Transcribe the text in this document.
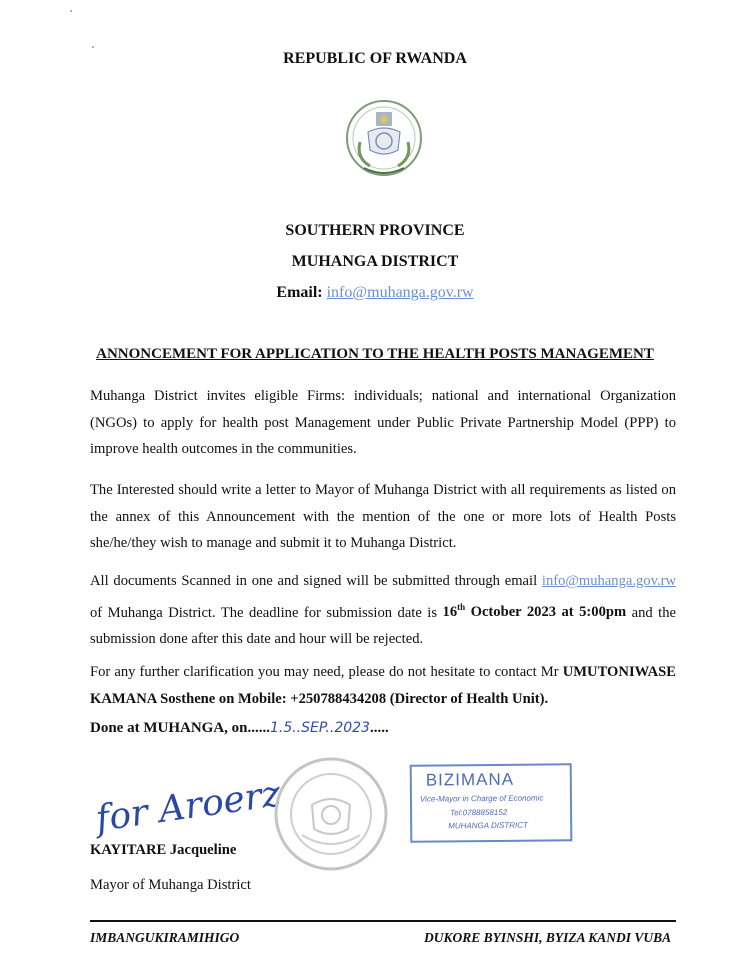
REPUBLIC OF RWANDA
SOUTHERN PROVINCE
MUHANGA DISTRICT
Email: info@muhanga.gov.rw
ANNONCEMENT FOR APPLICATION TO THE HEALTH POSTS MANAGEMENT
Muhanga District invites eligible Firms: individuals; national and international Organization (NGOs) to apply for health post Management under Public Private Partnership Model (PPP) to improve health outcomes in the communities.
The Interested should write a letter to Mayor of Muhanga District with all requirements as listed on the annex of this Announcement with the mention of the one or more lots of Health Posts she/he/they wish to manage and submit it to Muhanga District.
All documents Scanned in one and signed will be submitted through email info@muhanga.gov.rw of Muhanga District. The deadline for submission date is 16th October 2023 at 5:00pm and the submission done after this date and hour will be rejected.
For any further clarification you may need, please do not hesitate to contact Mr UMUTONIWASE KAMANA Sosthene on Mobile: +250788434208 (Director of Health Unit).
Done at MUHANGA, on......1.5..SEP..2023.....
for Aroerz	BIZIMANA
Vice-Mayor in Charge of Economic
Tel:0788858152
MUHANGA DISTRICT
KAYITARE Jacqueline
Mayor of Muhanga District
IMBANGUKIRAMIHIGO	DUKORE BYINSHI, BYIZA KANDI VUBA
